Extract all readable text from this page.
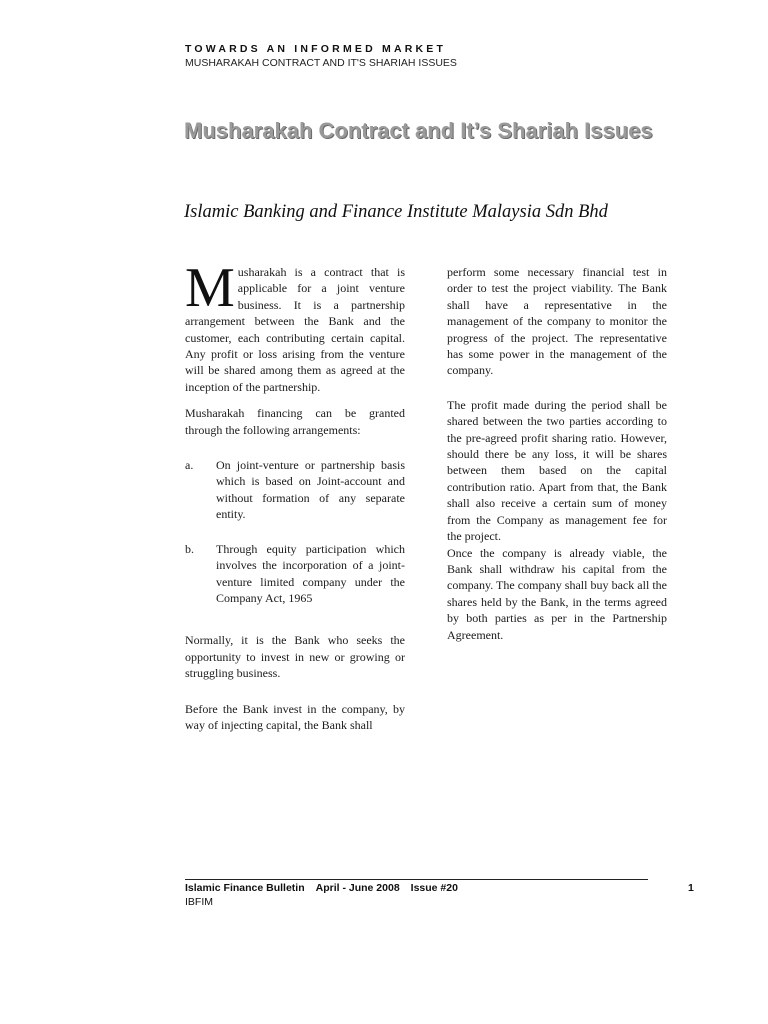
TOWARDS AN INFORMED MARKET
MUSHARAKAH CONTRACT AND IT'S SHARIAH ISSUES
Musharakah Contract and It’s Shariah Issues
Islamic Banking and Finance Institute Malaysia Sdn Bhd

Musharakah is a contract that is applicable for a joint venture business. It is a partnership arrangement between the Bank and the customer, each contributing certain capital. Any profit or loss arising from the venture will be shared among them as agreed at the inception of the partnership.

Musharakah financing can be granted through the following arrangements:

a.	On joint-venture or partnership basis which is based on Joint-account and without formation of any separate entity.
b.	Through equity participation which involves the incorporation of a joint-venture limited company under the Company Act, 1965

Normally, it is the Bank who seeks the opportunity to invest in new or growing or struggling business.

Before the Bank invest in the company, by way of injecting capital, the Bank shall

perform some necessary financial test in order to test the project viability. The Bank shall have a representative in the management of the company to monitor the progress of the project. The representative has some power in the management of the company.

The profit made during the period shall be shared between the two parties according to the pre-agreed profit sharing ratio. However, should there be any loss, it will be shares between them based on the capital contribution ratio. Apart from that, the Bank shall also receive a certain sum of money from the Company as management fee for the project.

Once the company is already viable, the Bank shall withdraw his capital from the company. The company shall buy back all the shares held by the Bank, in the terms agreed by both parties as per in the Partnership Agreement.

Islamic Finance Bulletin April - June 2008 Issue #20
IBFIM
1
